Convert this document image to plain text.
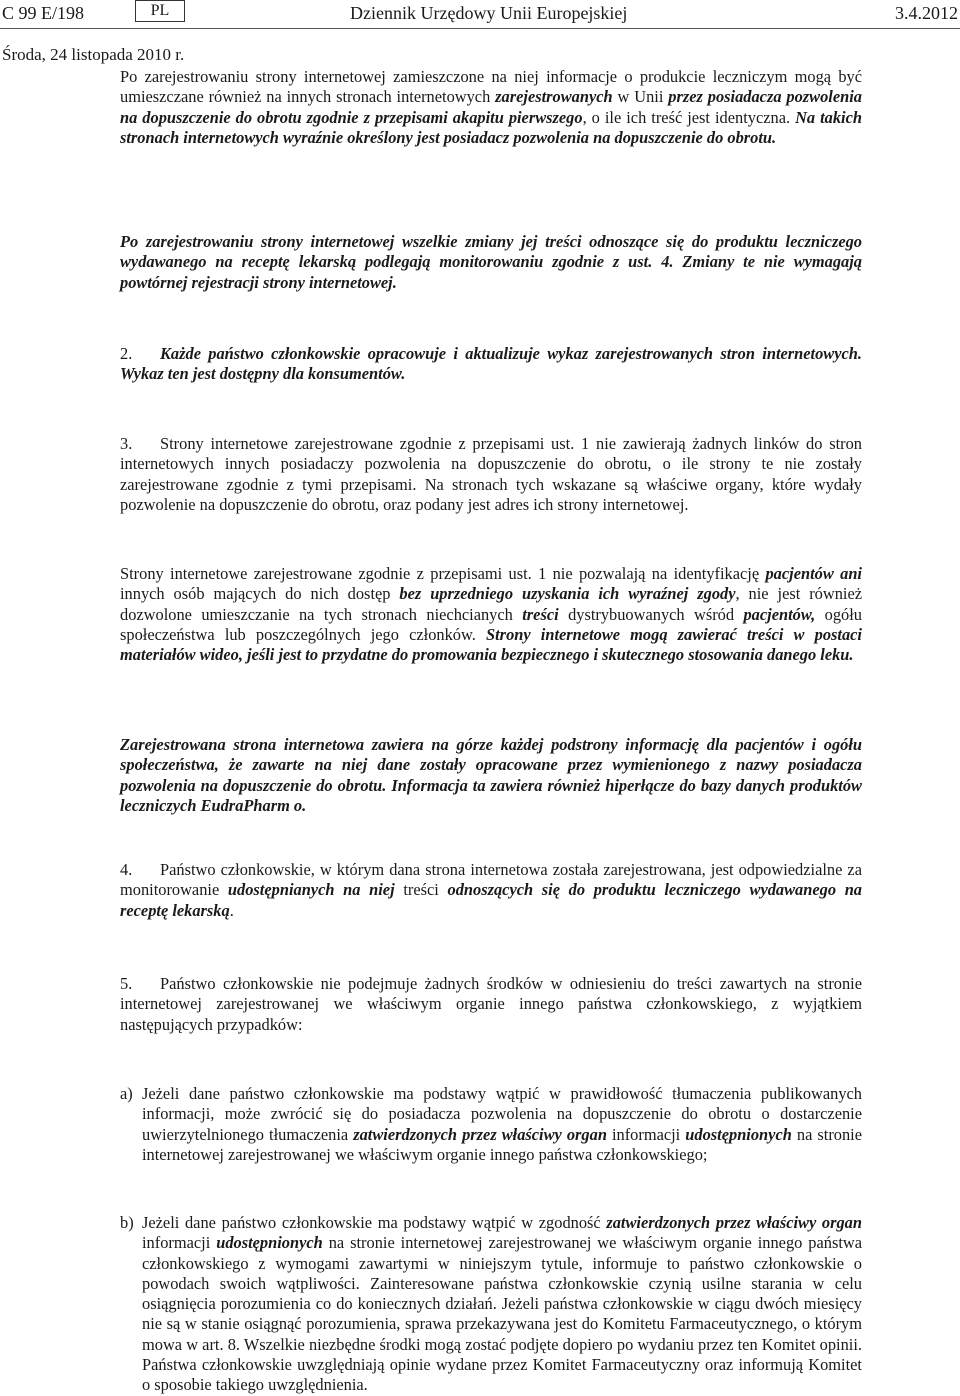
C 99 E/198	PL	Dziennik Urzędowy Unii Europejskiej	3.4.2012
Środa, 24 listopada 2010 r.

Po zarejestrowaniu strony internetowej zamieszczone na niej informacje o produkcie leczniczym mogą być umieszczane również na innych stronach internetowych zarejestrowanych w Unii przez posiadacza pozwolenia na dopuszczenie do obrotu zgodnie z przepisami akapitu pierwszego, o ile ich treść jest identyczna. Na takich stronach internetowych wyraźnie określony jest posiadacz pozwolenia na dopuszczenie do obrotu.

Po zarejestrowaniu strony internetowej wszelkie zmiany jej treści odnoszące się do produktu leczniczego wydawanego na receptę lekarską podlegają monitorowaniu zgodnie z ust. 4. Zmiany te nie wymagają powtórnej rejestracji strony internetowej.

2. Każde państwo członkowskie opracowuje i aktualizuje wykaz zarejestrowanych stron internetowych. Wykaz ten jest dostępny dla konsumentów.

3. Strony internetowe zarejestrowane zgodnie z przepisami ust. 1 nie zawierają żadnych linków do stron internetowych innych posiadaczy pozwolenia na dopuszczenie do obrotu, o ile strony te nie zostały zarejestrowane zgodnie z tymi przepisami. Na stronach tych wskazane są właściwe organy, które wydały pozwolenie na dopuszczenie do obrotu, oraz podany jest adres ich strony internetowej.

Strony internetowe zarejestrowane zgodnie z przepisami ust. 1 nie pozwalają na identyfikację pacjentów ani innych osób mających do nich dostęp bez uprzedniego uzyskania ich wyraźnej zgody, nie jest również dozwolone umieszczanie na tych stronach niechcianych treści dystrybuowanych wśród pacjentów, ogółu społeczeństwa lub poszczególnych jego członków. Strony internetowe mogą zawierać treści w postaci materiałów wideo, jeśli jest to przydatne do promowania bezpiecznego i skutecznego stosowania danego leku.

Zarejestrowana strona internetowa zawiera na górze każdej podstrony informację dla pacjentów i ogółu społeczeństwa, że zawarte na niej dane zostały opracowane przez wymienionego z nazwy posiadacza pozwolenia na dopuszczenie do obrotu. Informacja ta zawiera również hiperłącze do bazy danych produktów leczniczych EudraPharm o.

4. Państwo członkowskie, w którym dana strona internetowa została zarejestrowana, jest odpowiedzialne za monitorowanie udostępnianych na niej treści odnoszących się do produktu leczniczego wydawanego na receptę lekarską.

5. Państwo członkowskie nie podejmuje żadnych środków w odniesieniu do treści zawartych na stronie internetowej zarejestrowanej we właściwym organie innego państwa członkowskiego, z wyjątkiem następujących przypadków:

a) Jeżeli dane państwo członkowskie ma podstawy wątpić w prawidłowość tłumaczenia publikowanych informacji, może zwrócić się do posiadacza pozwolenia na dopuszczenie do obrotu o dostarczenie uwierzytelnionego tłumaczenia zatwierdzonych przez właściwy organ informacji udostępnionych na stronie internetowej zarejestrowanej we właściwym organie innego państwa członkowskiego;

b) Jeżeli dane państwo członkowskie ma podstawy wątpić w zgodność zatwierdzonych przez właściwy organ informacji udostępnionych na stronie internetowej zarejestrowanej we właściwym organie innego państwa członkowskiego z wymogami zawartymi w niniejszym tytule, informuje to państwo członkowskie o powodach swoich wątpliwości. Zainteresowane państwa członkowskie czynią usilne starania w celu osiągnięcia porozumienia co do koniecznych działań. Jeżeli państwa członkowskie w ciągu dwóch miesięcy nie są w stanie osiągnąć porozumienia, sprawa przekazywana jest do Komitetu Farmaceutycznego, o którym mowa w art. 8. Wszelkie niezbędne środki mogą zostać podjęte dopiero po wydaniu przez ten Komitet opinii. Państwa członkowskie uwzględniają opinie wydane przez Komitet Farmaceutyczny oraz informują Komitet o sposobie takiego uwzględnienia.
